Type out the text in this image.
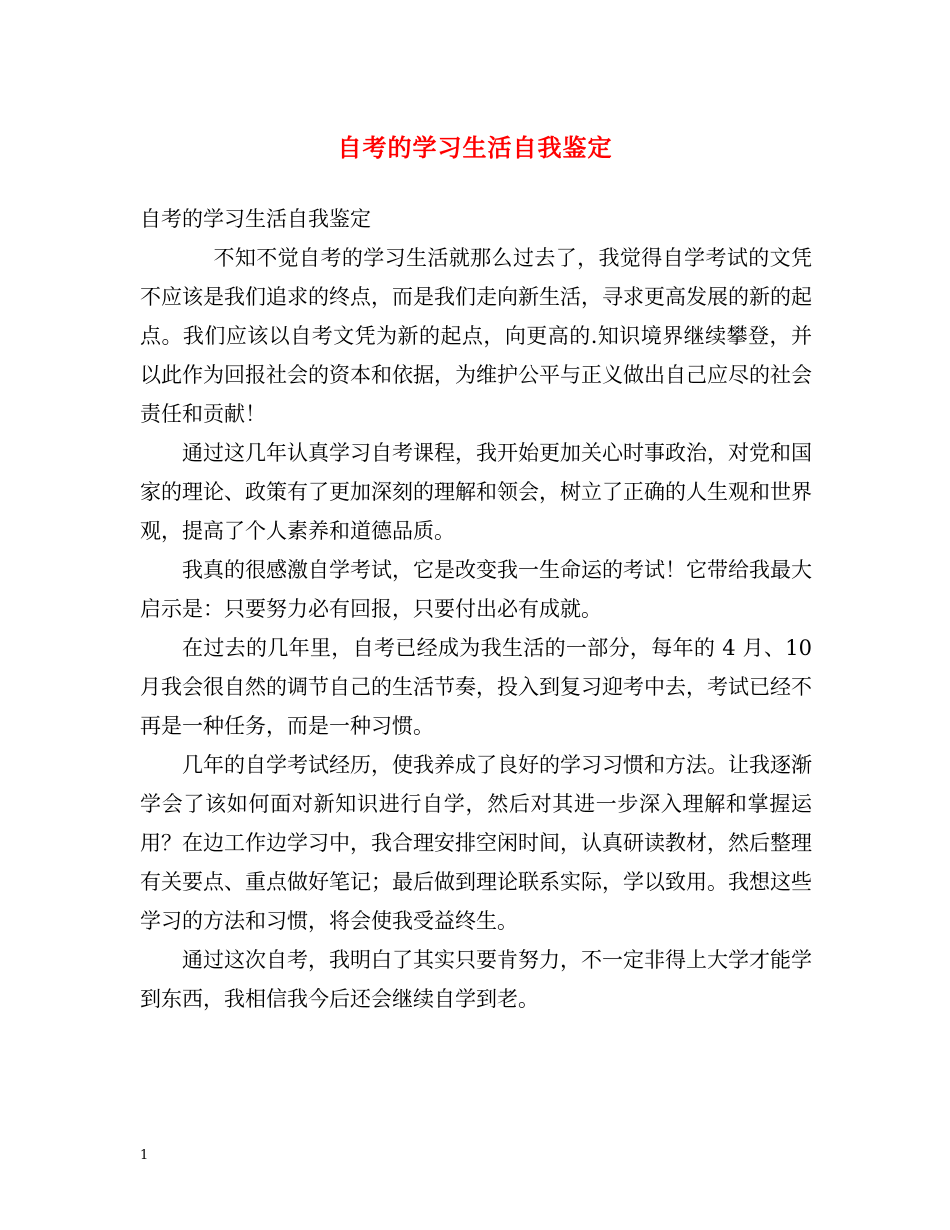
自考的学习生活自我鉴定

自考的学习生活自我鉴定

不知不觉自考的学习生活就那么过去了，我觉得自学考试的文凭不应该是我们追求的终点，而是我们走向新生活，寻求更高发展的新的起点。我们应该以自考文凭为新的起点，向更高的.知识境界继续攀登，并以此作为回报社会的资本和依据，为维护公平与正义做出自己应尽的社会责任和贡献！

通过这几年认真学习自考课程，我开始更加关心时事政治，对党和国家的理论、政策有了更加深刻的理解和领会，树立了正确的人生观和世界观，提高了个人素养和道德品质。

我真的很感激自学考试，它是改变我一生命运的考试！它带给我最大启示是：只要努力必有回报，只要付出必有成就。

在过去的几年里，自考已经成为我生活的一部分，每年的 4 月、10 月我会很自然的调节自己的生活节奏，投入到复习迎考中去，考试已经不再是一种任务，而是一种习惯。

几年的自学考试经历，使我养成了良好的学习习惯和方法。让我逐渐学会了该如何面对新知识进行自学，然后对其进一步深入理解和掌握运用？在边工作边学习中，我合理安排空闲时间，认真研读教材，然后整理有关要点、重点做好笔记；最后做到理论联系实际，学以致用。我想这些学习的方法和习惯，将会使我受益终生。

通过这次自考，我明白了其实只要肯努力，不一定非得上大学才能学到东西，我相信我今后还会继续自学到老。

1
